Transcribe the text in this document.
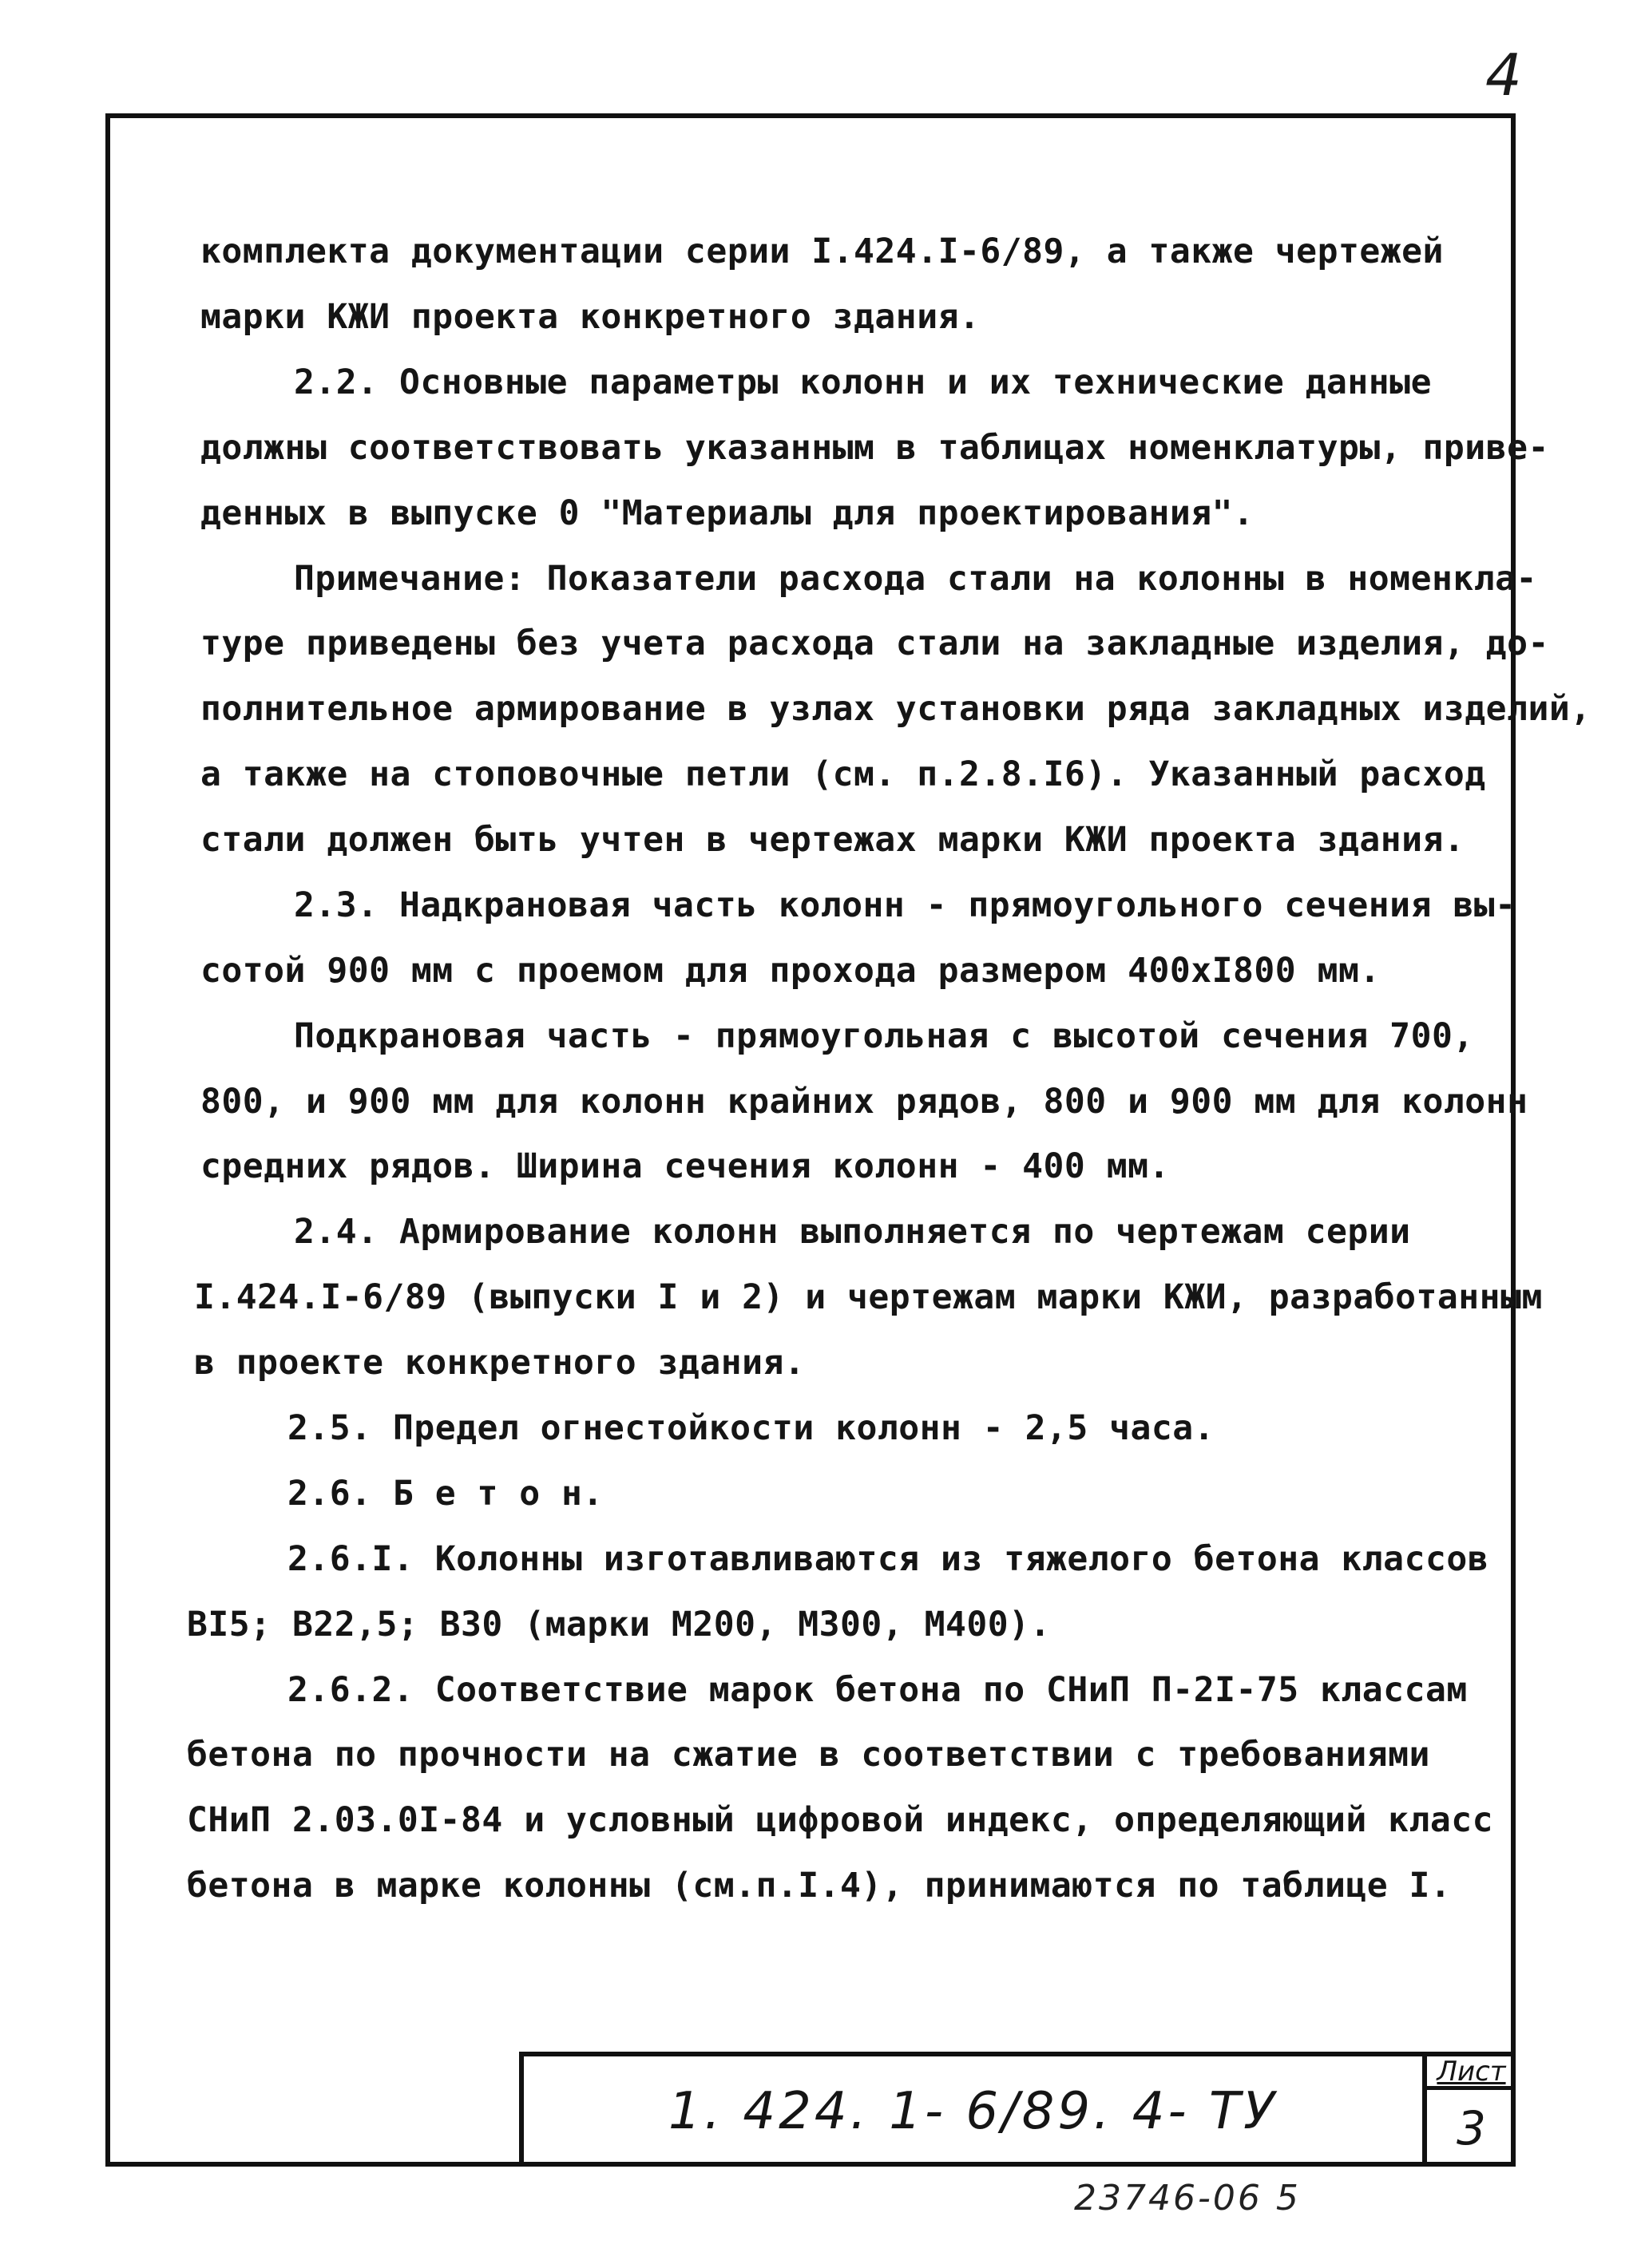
4
комплекта документации серии I.424.I-6/89, а также чертежей
марки КЖИ проекта конкретного здания.
2.2. Основные параметры колонн и их технические данные
должны соответствовать указанным в таблицах номенклатуры, приве-
денных в выпуске 0 "Материалы для проектирования".
Примечание: Показатели расхода стали на колонны в номенкла-
туре приведены без учета расхода стали на закладные изделия, до-
полнительное армирование в узлах установки ряда закладных изделий,
а также на стоповочные петли (см. п.2.8.I6). Указанный расход
стали должен быть учтен в чертежах марки КЖИ проекта здания.
2.3. Надкрановая часть колонн - прямоугольного сечения вы-
сотой 900 мм с проемом для прохода размером 400xI800 мм.
Подкрановая часть - прямоугольная с высотой сечения 700,
800, и 900 мм для колонн крайних рядов, 800 и 900 мм для колонн
средних рядов. Ширина сечения колонн - 400 мм.
2.4. Армирование колонн выполняется по чертежам серии
I.424.I-6/89 (выпуски I и 2) и чертежам марки КЖИ, разработанным
в проекте конкретного здания.
2.5. Предел огнестойкости колонн - 2,5 часа.
2.6. Б е т о н.
2.6.I. Колонны изготавливаются из тяжелого бетона классов
BI5; B22,5; B30 (марки М200, М300, М400).
2.6.2. Соответствие марок бетона по СНиП П-2I-75 классам
бетона по прочности на сжатие в соответствии с требованиями
СНиП 2.03.0I-84 и условный цифровой индекс, определяющий класс
бетона в марке колонны (см.п.I.4), принимаются по таблице I.
1. 424. 1- 6/89. 4- ТУ
Лист
3
23746-06 5
